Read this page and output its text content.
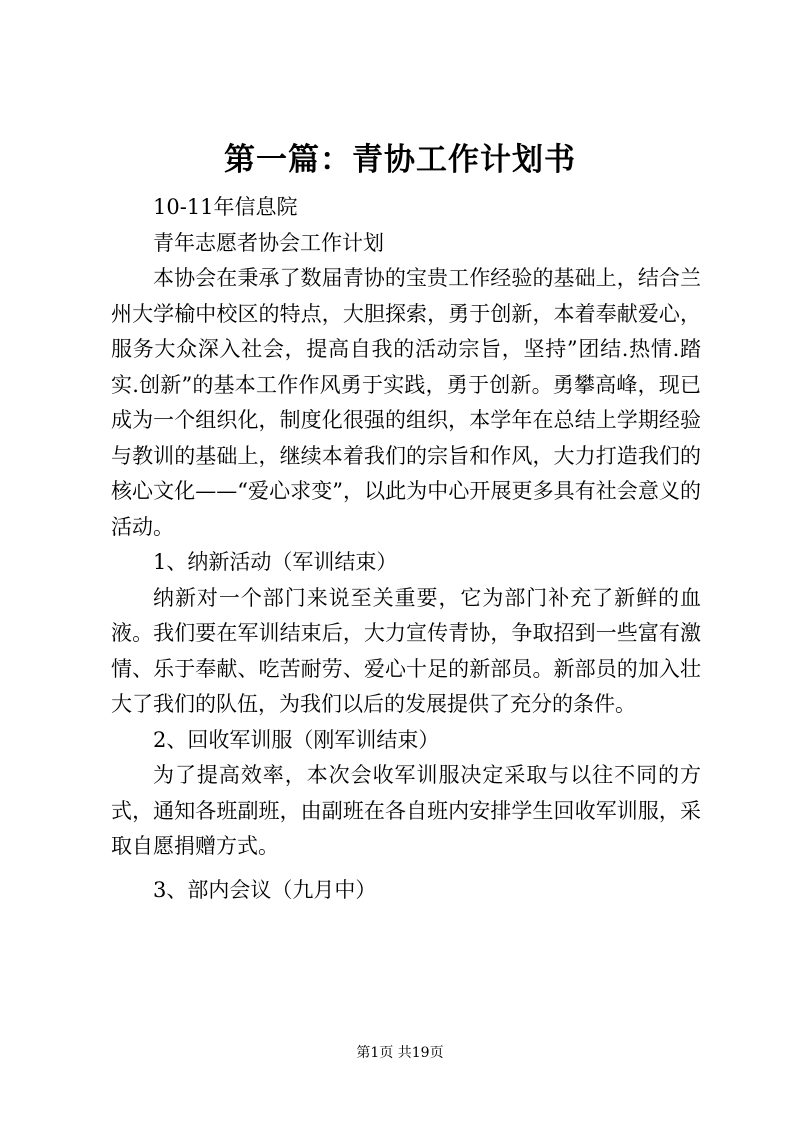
第一篇：青协工作计划书

10-11年信息院

青年志愿者协会工作计划

本协会在秉承了数届青协的宝贵工作经验的基础上，结合兰州大学榆中校区的特点，大胆探索，勇于创新，本着奉献爱心，服务大众深入社会，提高自我的活动宗旨，坚持”团结.热情.踏实.创新”的基本工作作风勇于实践，勇于创新。勇攀高峰，现已成为一个组织化，制度化很强的组织，本学年在总结上学期经验与教训的基础上，继续本着我们的宗旨和作风，大力打造我们的核心文化——“爱心求变”，以此为中心开展更多具有社会意义的活动。

1、纳新活动（军训结束）

纳新对一个部门来说至关重要，它为部门补充了新鲜的血液。我们要在军训结束后，大力宣传青协，争取招到一些富有激情、乐于奉献、吃苦耐劳、爱心十足的新部员。新部员的加入壮大了我们的队伍，为我们以后的发展提供了充分的条件。

2、回收军训服（刚军训结束）

为了提高效率，本次会收军训服决定采取与以往不同的方式，通知各班副班，由副班在各自班内安排学生回收军训服，采取自愿捐赠方式。

3、部内会议（九月中）

第1页 共19页
